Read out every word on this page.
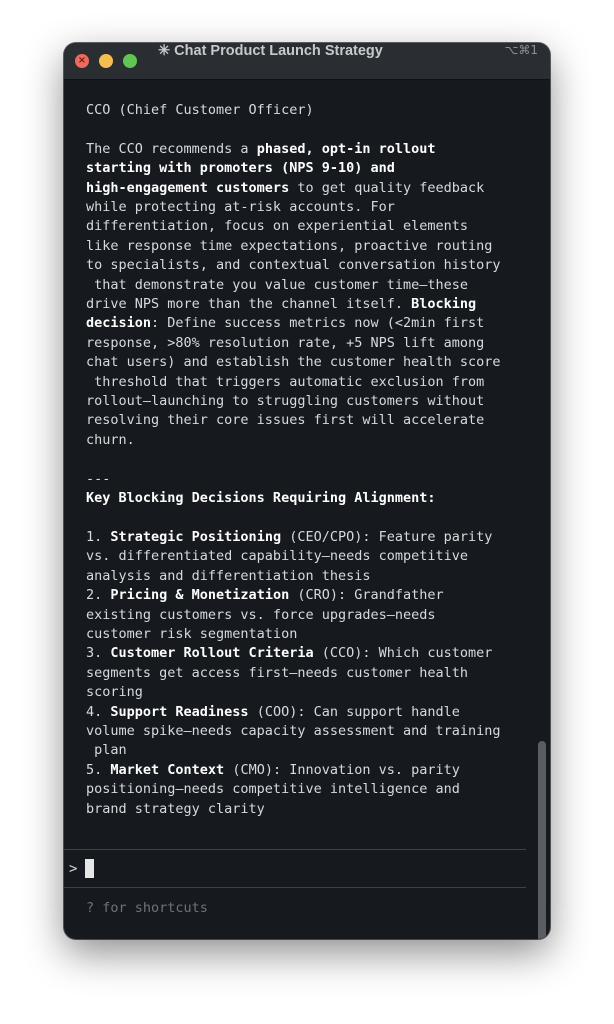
×
✳ Chat Product Launch Strategy	⌥⌘1

CCO (Chief Customer Officer)

The CCO recommends a phased, opt-in rollout

starting with promoters (NPS 9-10) and

high-engagement customers to get quality feedback

while protecting at-risk accounts. For

differentiation, focus on experiential elements

like response time expectations, proactive routing

to specialists, and contextual conversation history

that demonstrate you value customer time—these

drive NPS more than the channel itself. Blocking

decision: Define success metrics now (<2min first

response, >80% resolution rate, +5 NPS lift among

chat users) and establish the customer health score

threshold that triggers automatic exclusion from

rollout—launching to struggling customers without

resolving their core issues first will accelerate

churn.

---

Key Blocking Decisions Requiring Alignment:

1. Strategic Positioning (CEO/CPO): Feature parity

vs. differentiated capability—needs competitive

analysis and differentiation thesis

2. Pricing & Monetization (CRO): Grandfather

existing customers vs. force upgrades—needs

customer risk segmentation

3. Customer Rollout Criteria (CCO): Which customer

segments get access first—needs customer health

scoring

4. Support Readiness (COO): Can support handle

volume spike—needs capacity assessment and training

plan

5. Market Context (CMO): Innovation vs. parity

positioning—needs competitive intelligence and

brand strategy clarity

>
? for shortcuts
